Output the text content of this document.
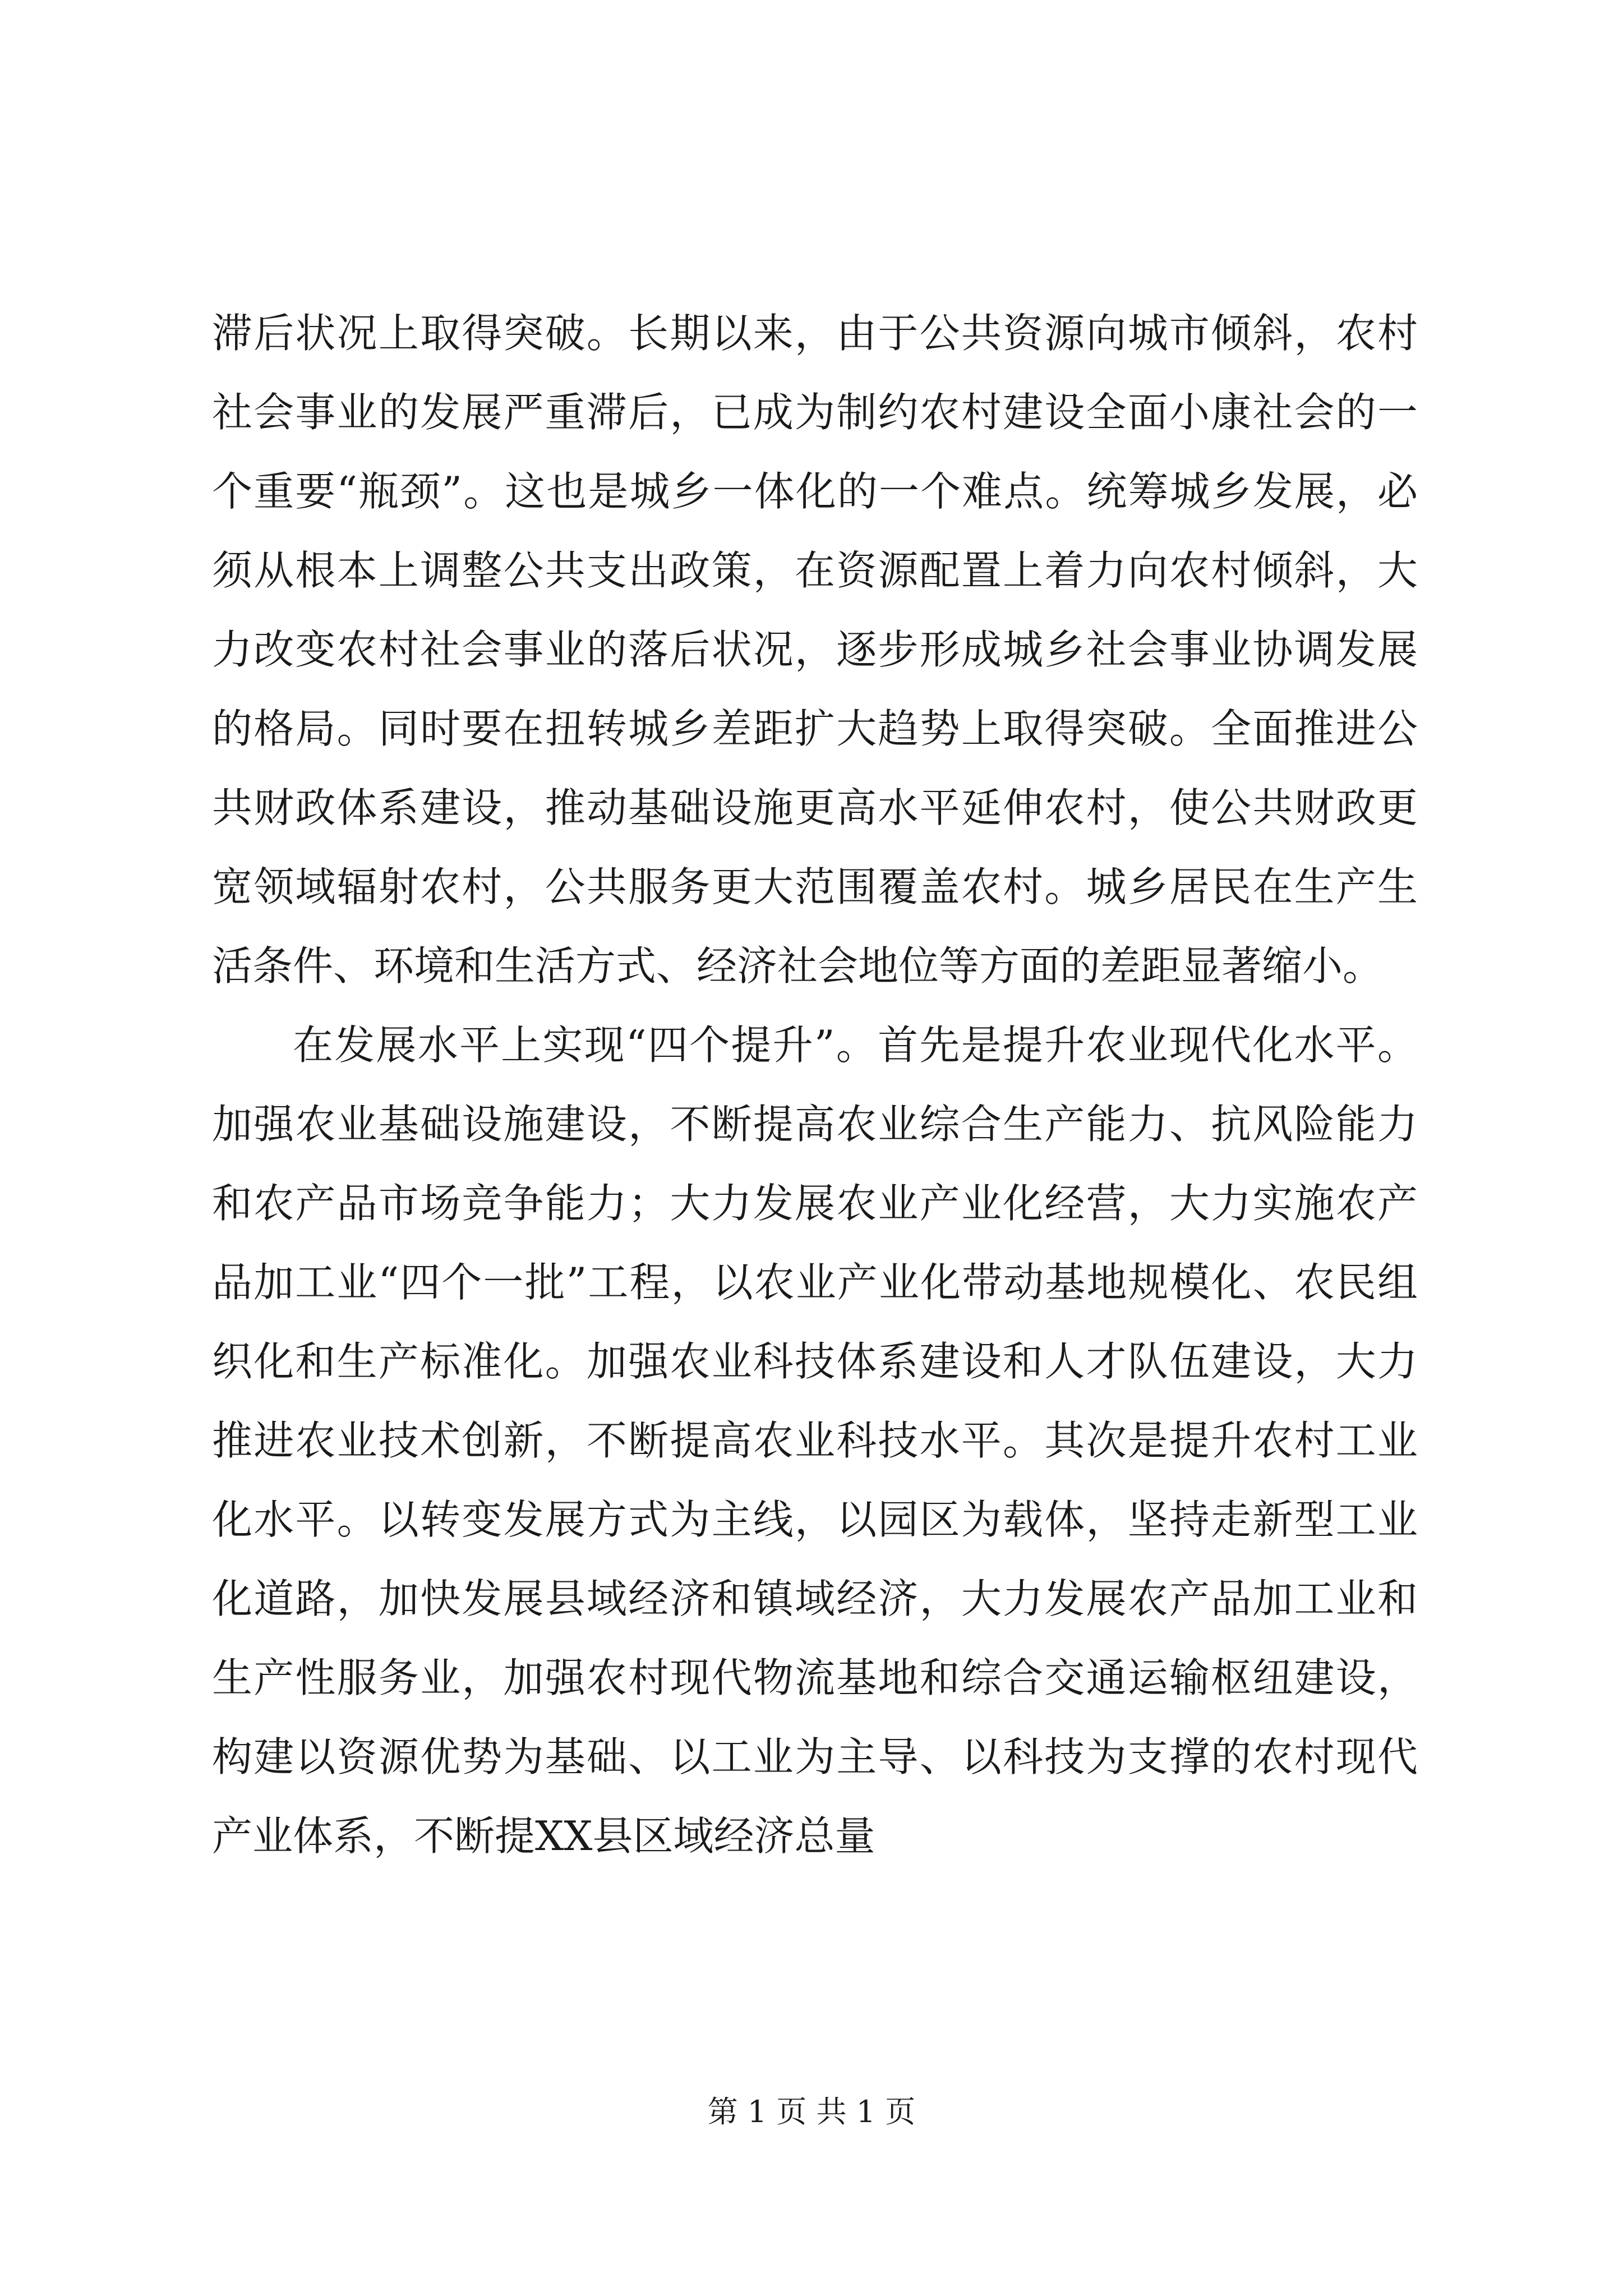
滞后状况上取得突破。长期以来，由于公共资源向城市倾斜，农村社会事业的发展严重滞后，已成为制约农村建设全面小康社会的一个重要“瓶颈”。这也是城乡一体化的一个难点。统筹城乡发展，必须从根本上调整公共支出政策，在资源配置上着力向农村倾斜，大力改变农村社会事业的落后状况，逐步形成城乡社会事业协调发展的格局。同时要在扭转城乡差距扩大趋势上取得突破。全面推进公共财政体系建设，推动基础设施更高水平延伸农村，使公共财政更宽领域辐射农村，公共服务更大范围覆盖农村。城乡居民在生产生活条件、环境和生活方式、经济社会地位等方面的差距显著缩小。

在发展水平上实现“四个提升”。首先是提升农业现代化水平。加强农业基础设施建设，不断提高农业综合生产能力、抗风险能力和农产品市场竞争能力；大力发展农业产业化经营，大力实施农产品加工业“四个一批”工程，以农业产业化带动基地规模化、农民组织化和生产标准化。加强农业科技体系建设和人才队伍建设，大力推进农业技术创新，不断提高农业科技水平。其次是提升农村工业化水平。以转变发展方式为主线，以园区为载体，坚持走新型工业化道路，加快发展县域经济和镇域经济，大力发展农产品加工业和生产性服务业，加强农村现代物流基地和综合交通运输枢纽建设，构建以资源优势为基础、以工业为主导、以科技为支撑的农村现代产业体系，不断提XX县区域经济总量

第 1 页 共 1 页
